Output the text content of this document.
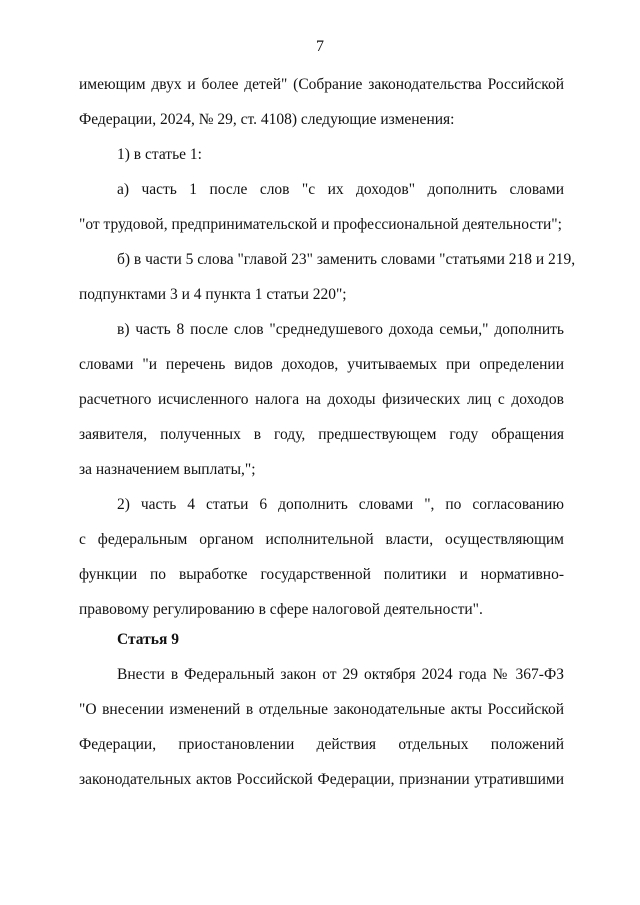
7
имеющим двух и более детей" (Собрание законодательства Российской
Федерации, 2024, № 29, ст. 4108) следующие изменения:
1) в статье 1:
а) часть 1 после слов "с их доходов" дополнить словами
"от трудовой, предпринимательской и профессиональной деятельности";
б) в части 5 слова "главой 23" заменить словами "статьями 218 и 219,
подпунктами 3 и 4 пункта 1 статьи 220";
в) часть 8 после слов "среднедушевого дохода семьи," дополнить
словами "и перечень видов доходов, учитываемых при определении
расчетного исчисленного налога на доходы физических лиц с доходов
заявителя, полученных в году, предшествующем году обращения
за назначением выплаты,";
2) часть 4 статьи 6 дополнить словами ", по согласованию
с федеральным органом исполнительной власти, осуществляющим
функции по выработке государственной политики и нормативно-
правовому регулированию в сфере налоговой деятельности".
Статья 9
Внести в Федеральный закон от 29 октября 2024 года № 367-ФЗ
"О внесении изменений в отдельные законодательные акты Российской
Федерации, приостановлении действия отдельных положений
законодательных актов Российской Федерации, признании утратившими
